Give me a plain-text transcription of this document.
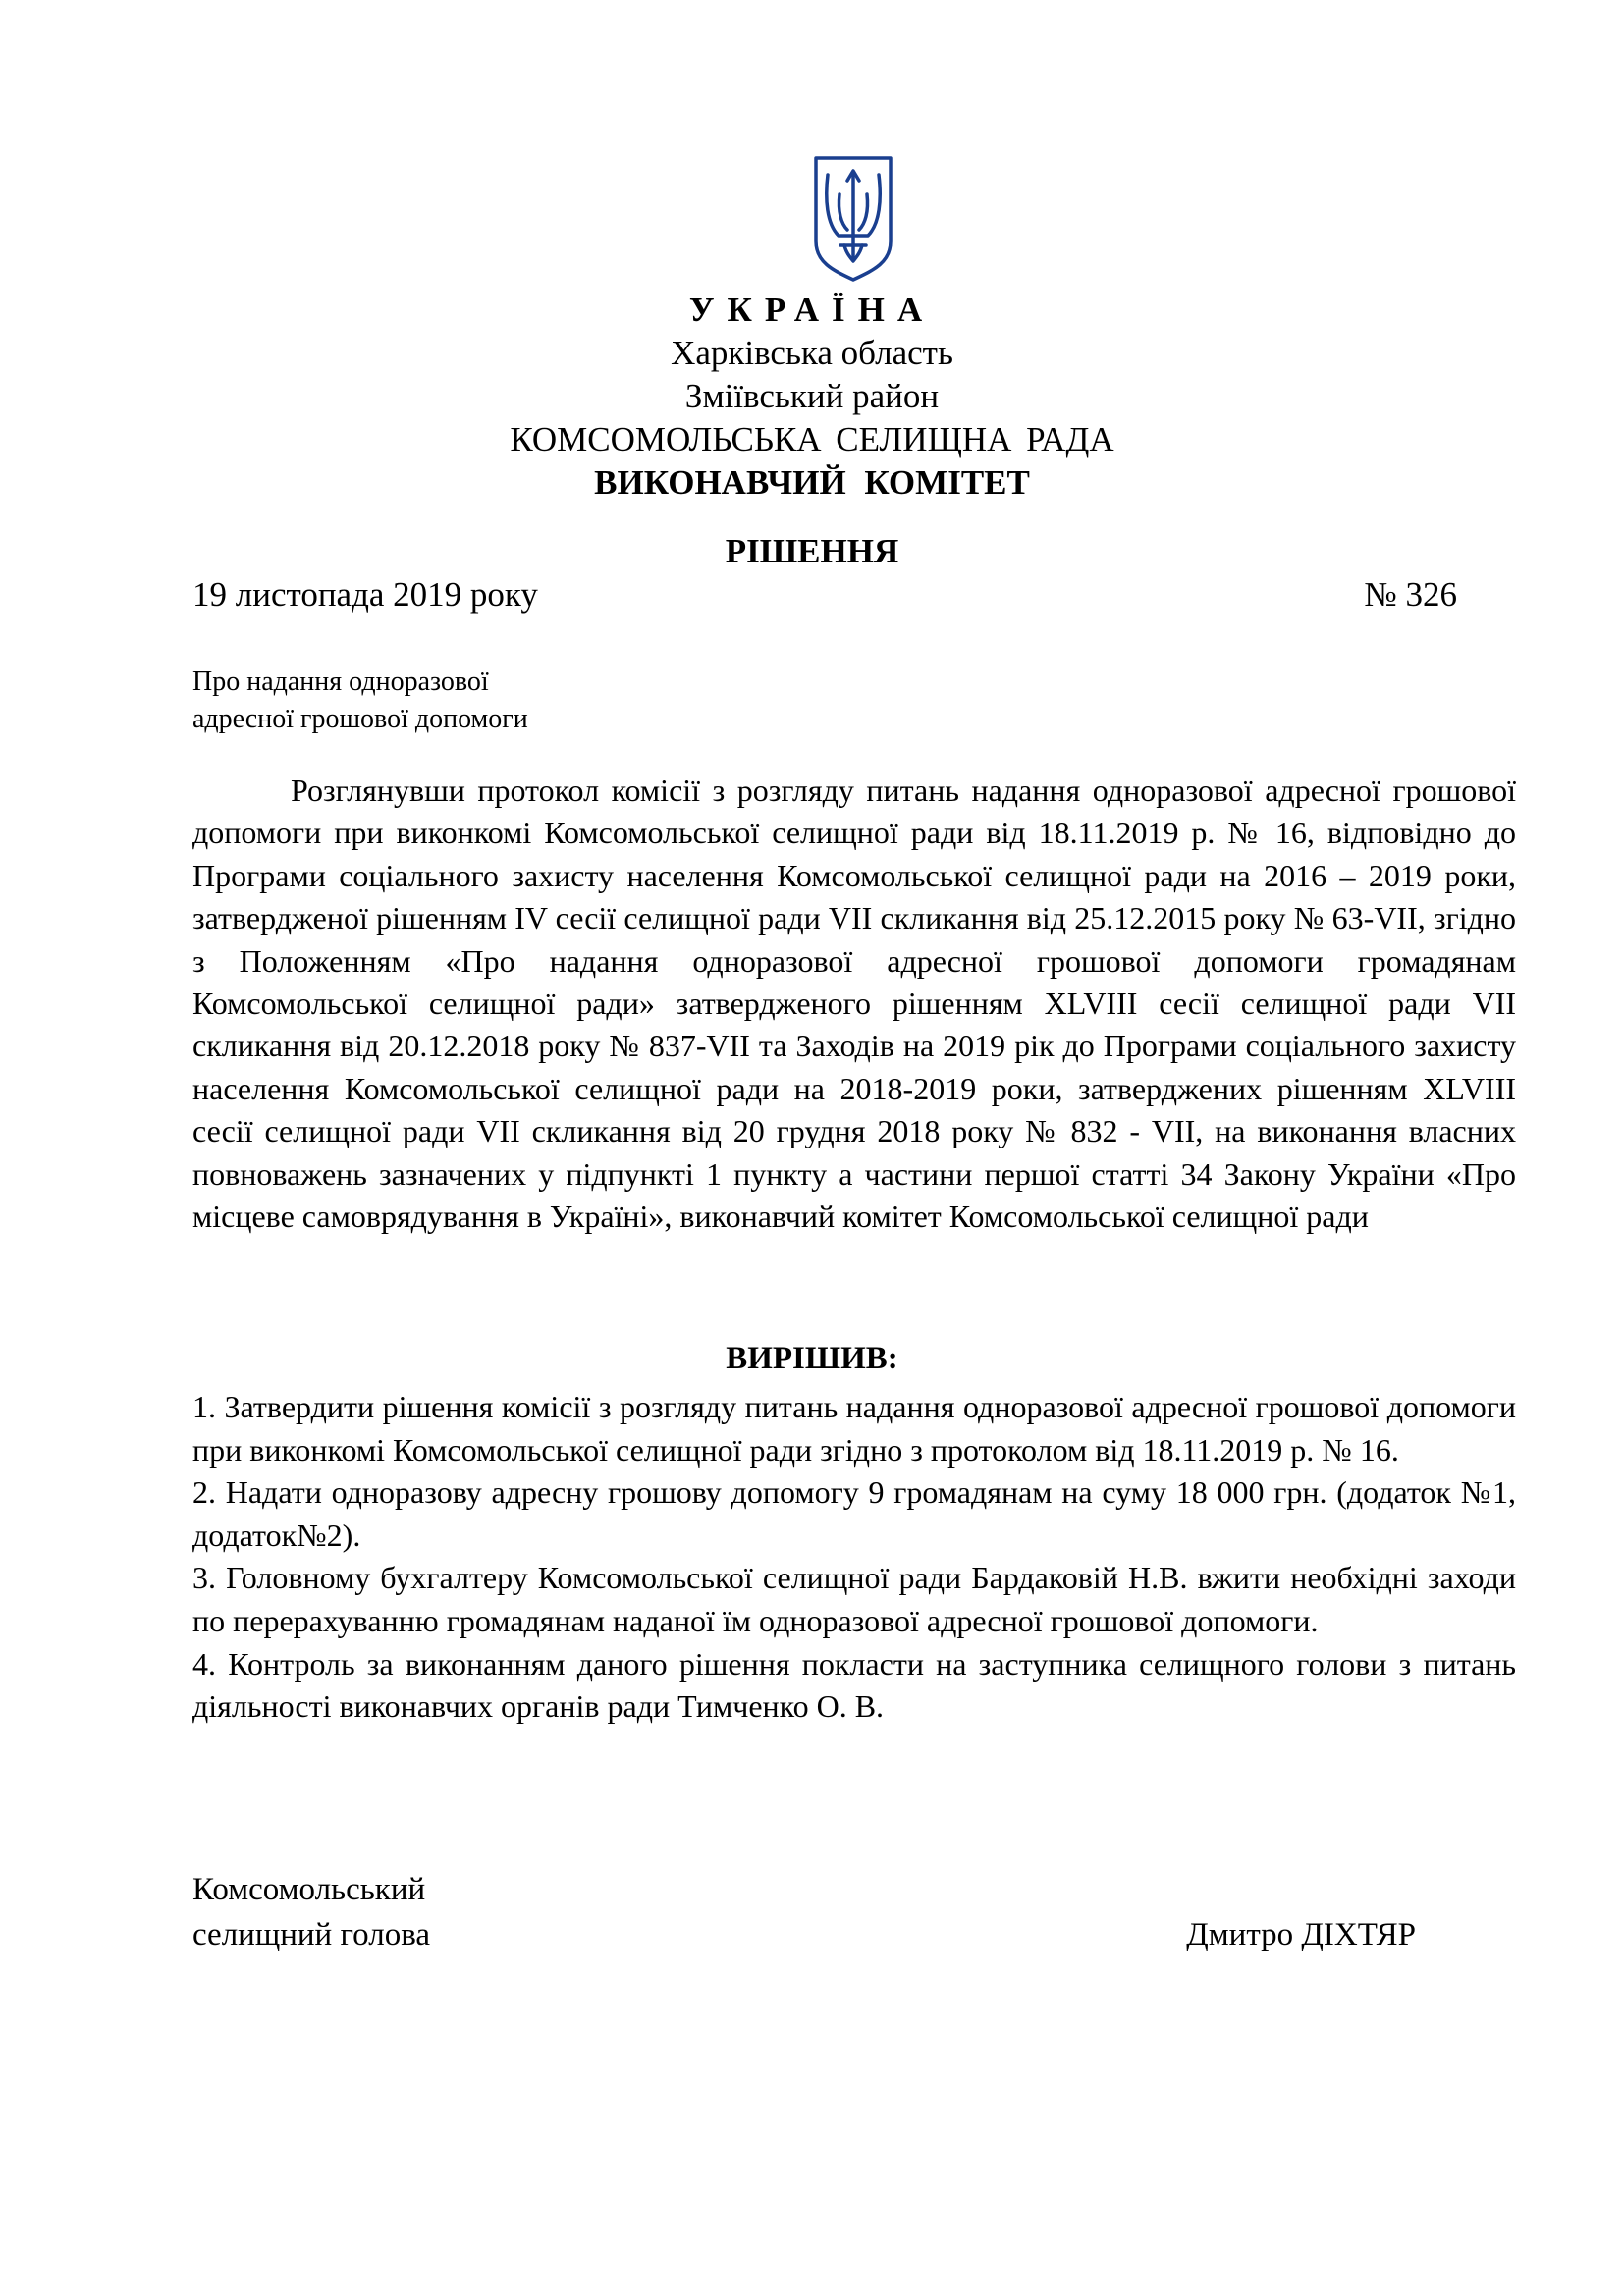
УКРАЇНА

Харківська область

Зміївський район

КОМСОМОЛЬСЬКА СЕЛИЩНА РАДА

ВИКОНАВЧИЙ КОМІТЕТ

РІШЕННЯ

19 листопада 2019 року	№ 326

Про надання одноразової
адресної грошової допомоги

Розглянувши протокол комісії з розгляду питань надання одноразової адресної грошової допомоги при виконкомі Комсомольської селищної ради від 18.11.2019 р. № 16, відповідно до Програми соціального захисту населення Комсомольської селищної ради на 2016 – 2019 роки, затвердженої рішенням ІV сесії селищної ради VІІ скликання від 25.12.2015 року № 63-VІІ, згідно з Положенням «Про надання одноразової адресної грошової допомоги громадянам Комсомольської селищної ради» затвердженого рішенням XLVІІІ сесії селищної ради VІІ скликання від 20.12.2018 року № 837-VІІ та Заходів на 2019 рік до Програми соціального захисту населення Комсомольської селищної ради на 2018-2019 роки, затверджених рішенням XLVІІІ сесії селищної ради VІІ скликання від 20 грудня 2018 року № 832 - VІІ, на виконання власних повноважень зазначених у підпункті 1 пункту а частини першої статті 34 Закону України «Про місцеве самоврядування в Україні», виконавчий комітет Комсомольської селищної ради

ВИРІШИВ:

1. Затвердити рішення комісії з розгляду питань надання одноразової адресної грошової допомоги при виконкомі Комсомольської селищної ради згідно з протоколом від 18.11.2019 р. № 16.

2. Надати одноразову адресну грошову допомогу 9 громадянам на суму 18 000 грн. (додаток №1, додаток№2).

3. Головному бухгалтеру Комсомольської селищної ради Бардаковій Н.В. вжити необхідні заходи по перерахуванню громадянам наданої їм одноразової адресної грошової допомоги.

4. Контроль за виконанням даного рішення покласти на заступника селищного голови з питань діяльності виконавчих органів ради Тимченко О. В.

Комсомольський
селищний голова	Дмитро ДІХТЯР
